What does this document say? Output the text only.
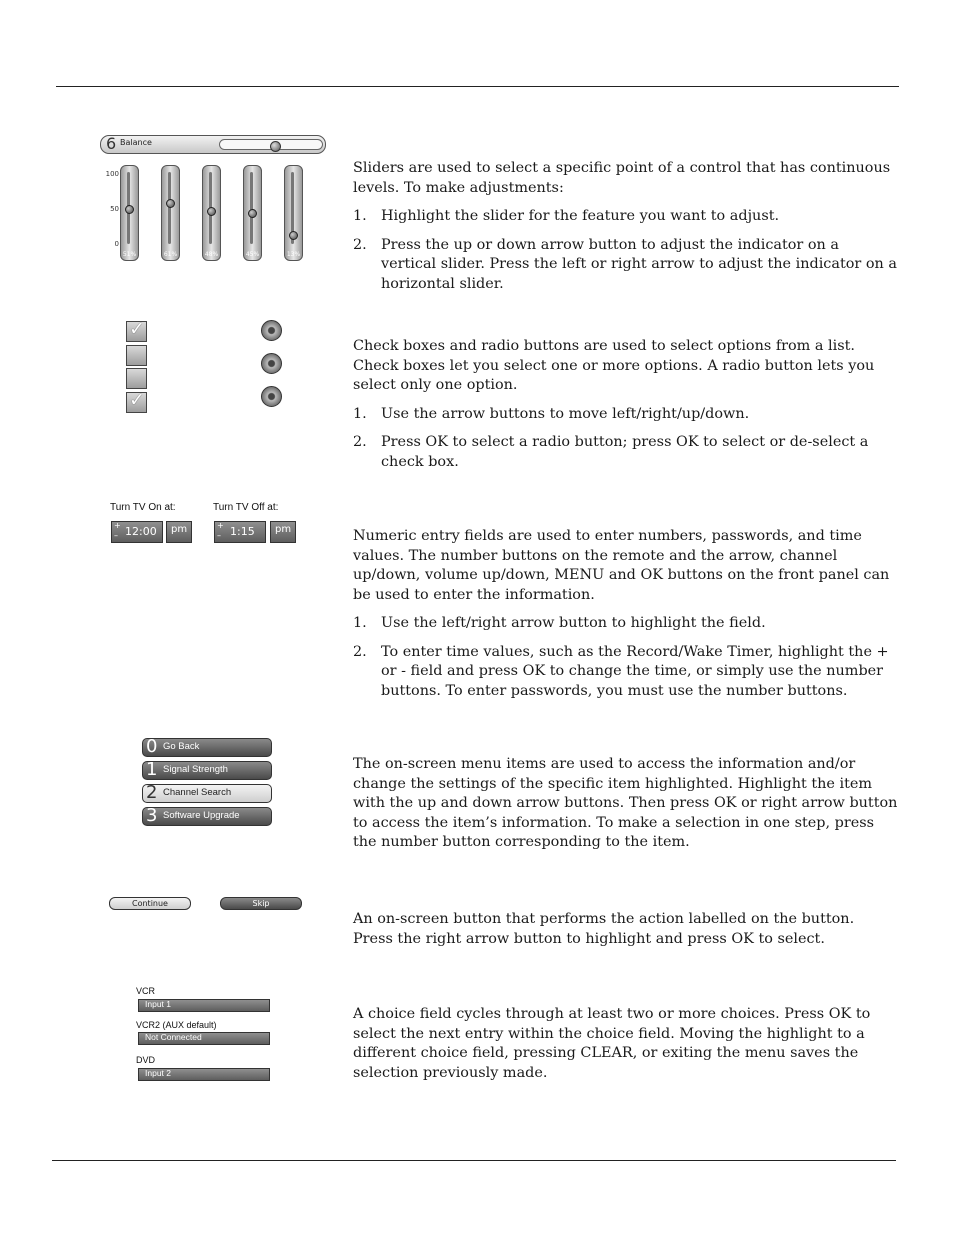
6 Balance
100
50
0
51%	61%	48%	45%	13%

Sliders are used to select a specific point of a control that has continuous levels. To make adjustments:

1. Highlight the slider for the feature you want to adjust.
2. Press the up or down arrow button to adjust the indicator on a vertical slider. Press the left or right arrow to adjust the indicator on a horizontal slider.
✓
✓

Check boxes and radio buttons are used to select options from a list. Check boxes let you select one or more options. A radio button lets you select only one option.

1. Use the arrow buttons to move left/right/up/down.
2. Press OK to select a radio button; press OK to select or de-select a check box.
Turn TV On at:	Turn TV Off at:
+
– 12:00 pm	+
– 1:15 pm	Numeric entry fields are used to enter numbers, passwords, and time values. The number buttons on the remote and the arrow, channel up/down, volume up/down, MENU and OK buttons on the front panel can be used to enter the information.

1. Use the left/right arrow button to highlight the field.
2. To enter time values, such as the Record/Wake Timer, highlight the + or - field and press OK to change the time, or simply use the number buttons. To enter passwords, you must use the number buttons.
0 Go Back
1 Signal Strength
2 Channel Search
3 Software Upgrade

The on-screen menu items are used to access the information and/or change the settings of the specific item highlighted. Highlight the item with the up and down arrow buttons. Then press OK or right arrow button to access the item’s information. To make a selection in one step, press the number button corresponding to the item.

Continue	Skip

An on-screen button that performs the action labelled on the button. Press the right arrow button to highlight and press OK to select.

VCR
Input 1
VCR2 (AUX default)
Not Connected
DVD
Input 2

A choice field cycles through at least two or more choices. Press OK to select the next entry within the choice field. Moving the highlight to a different choice field, pressing CLEAR, or exiting the menu saves the selection previously made.
